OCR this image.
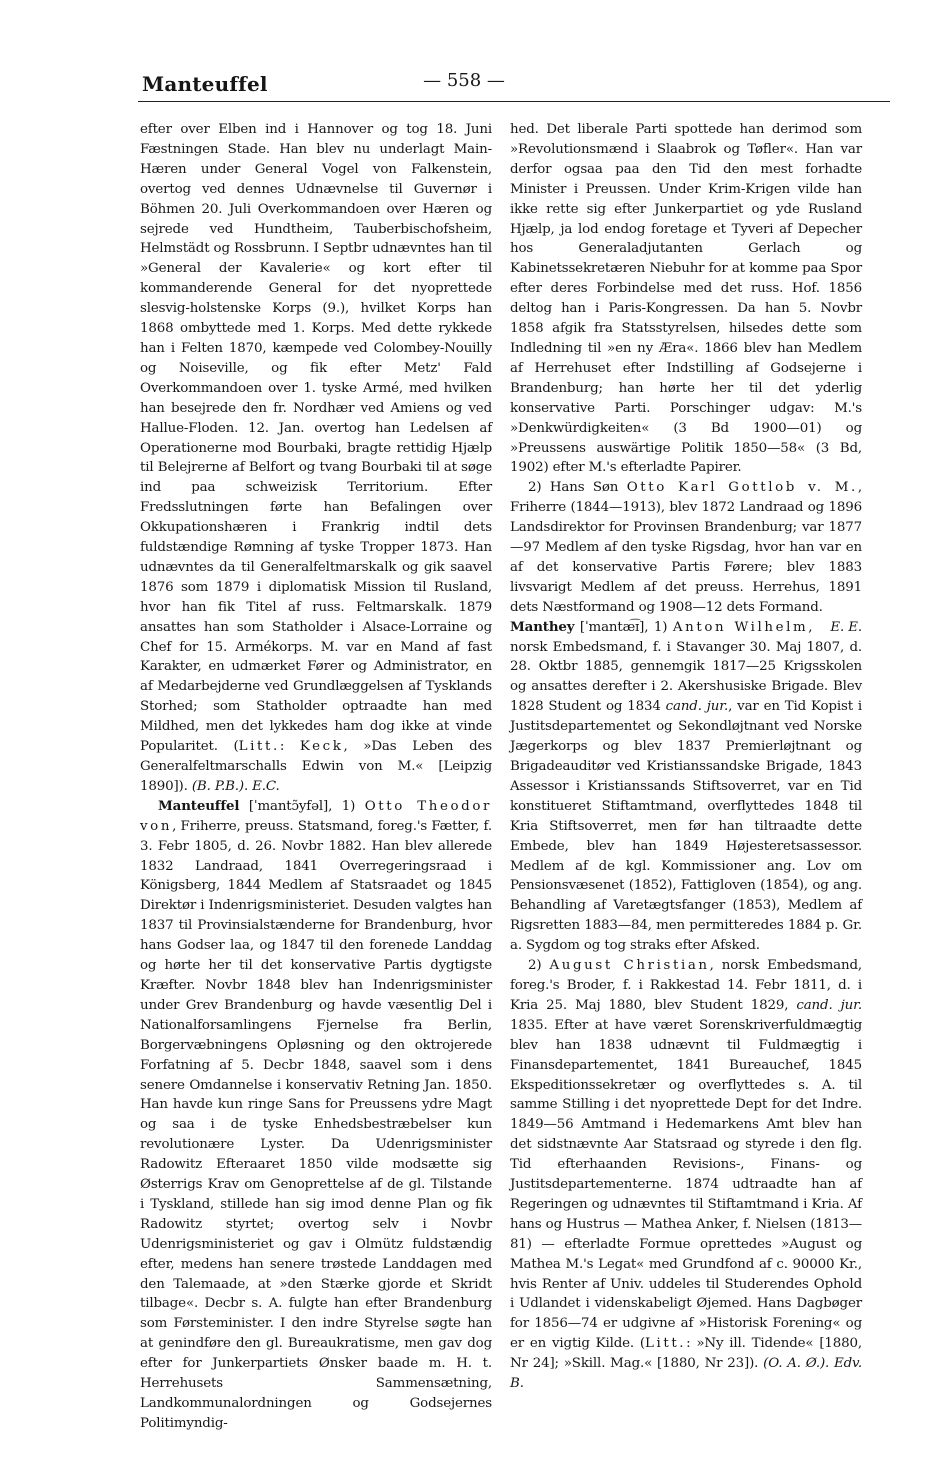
Manteuffel	— 558 —

efter over Elben ind i Hannover og tog 18. Juni Fæstningen Stade. Han blev nu underlagt Main-Hæren under General Vogel von Falkenstein, overtog ved dennes Udnævnelse til Guvernør i Böhmen 20. Juli Overkommandoen over Hæren og sejrede ved Hundtheim, Tauberbischofsheim, Helmstädt og Rossbrunn. I Septbr udnævntes han til »General der Kavalerie« og kort efter til kommanderende General for det nyoprettede slesvig-holstenske Korps (9.), hvilket Korps han 1868 ombyttede med 1. Korps. Med dette rykkede han i Felten 1870, kæmpede ved Colombey-Nouilly og Noiseville, og fik efter Metz' Fald Overkommandoen over 1. tyske Armé, med hvilken han besejrede den fr. Nordhær ved Amiens og ved Hallue-Floden. 12. Jan. overtog han Ledelsen af Operationerne mod Bourbaki, bragte rettidig Hjælp til Belejrerne af Belfort og tvang Bourbaki til at søge ind paa schweizisk Territorium. Efter Fredsslutningen førte han Befalingen over Okkupationshæren i Frankrig indtil dets fuldstændige Rømning af tyske Tropper 1873. Han udnævntes da til Generalfeltmarskalk og gik saavel 1876 som 1879 i diplomatisk Mission til Rusland, hvor han fik Titel af russ. Feltmarskalk. 1879 ansattes han som Statholder i Alsace-Lorraine og Chef for 15. Armékorps. M. var en Mand af fast Karakter, en udmærket Fører og Administrator, en af Medarbejderne ved Grundlæggelsen af Tysklands Storhed; som Statholder optraadte han med Mildhed, men det lykkedes ham dog ikke at vinde Popularitet. (Litt.: Keck, »Das Leben des Generalfeltmarschalls Edwin von M.« [Leipzig 1890]). (B. P.B.). E.C.

Manteuffel [ˈmantɔ̃yfəl], 1) Otto Theodor von, Friherre, preuss. Statsmand, foreg.'s Fætter, f. 3. Febr 1805, d. 26. Novbr 1882. Han blev allerede 1832 Landraad, 1841 Overregeringsraad i Königsberg, 1844 Medlem af Statsraadet og 1845 Direktør i Indenrigsministeriet. Desuden valgtes han 1837 til Provinsialstænderne for Brandenburg, hvor hans Godser laa, og 1847 til den forenede Landdag og hørte her til det konservative Partis dygtigste Kræfter. Novbr 1848 blev han Indenrigsminister under Grev Brandenburg og havde væsentlig Del i Nationalforsamlingens Fjernelse fra Berlin, Borgervæbningens Opløsning og den oktrojerede Forfatning af 5. Decbr 1848, saavel som i dens senere Omdannelse i konservativ Retning Jan. 1850. Han havde kun ringe Sans for Preussens ydre Magt og saa i de tyske Enhedsbestræbelser kun revolutionære Lyster. Da Udenrigsminister Radowitz Efteraaret 1850 vilde modsætte sig Østerrigs Krav om Genoprettelse af de gl. Tilstande i Tyskland, stillede han sig imod denne Plan og fik Radowitz styrtet; overtog selv i Novbr Udenrigsministeriet og gav i Olmütz fuldstændig efter, medens han senere trøstede Landdagen med den Talemaade, at »den Stærke gjorde et Skridt tilbage«. Decbr s. A. fulgte han efter Brandenburg som Førsteminister. I den indre Styrelse søgte han at genindføre den gl. Bureaukratisme, men gav dog efter for Junkerpartiets Ønsker baade m. H. t. Herrehusets Sammensætning, Landkommunalordningen og Godsejernes Politimyndig-

hed. Det liberale Parti spottede han derimod som »Revolutionsmænd i Slaabrok og Tøfler«. Han var derfor ogsaa paa den Tid den mest forhadte Minister i Preussen. Under Krim-Krigen vilde han ikke rette sig efter Junkerpartiet og yde Rusland Hjælp, ja lod endog foretage et Tyveri af Depecher hos Generaladjutanten Gerlach og Kabinetssekretæren Niebuhr for at komme paa Spor efter deres Forbindelse med det russ. Hof. 1856 deltog han i Paris-Kongressen. Da han 5. Novbr 1858 afgik fra Statsstyrelsen, hilsedes dette som Indledning til »en ny Æra«. 1866 blev han Medlem af Herrehuset efter Indstilling af Godsejerne i Brandenburg; han hørte her til det yderlig konservative Parti. Porschinger udgav: M.'s »Denkwürdigkeiten« (3 Bd 1900—01) og »Preussens auswärtige Politik 1850—58« (3 Bd, 1902) efter M.'s efterladte Papirer.

2) Hans Søn Otto Karl Gottlob v. M., Friherre (1844—1913), blev 1872 Landraad og 1896 Landsdirektor for Provinsen Brandenburg; var 1877—97 Medlem af den tyske Rigsdag, hvor han var en af det konservative Partis Førere; blev 1883 livsvarigt Medlem af det preuss. Herrehus, 1891 dets Næstformand og 1908—12 dets Formand.
E. E.

Manthey [ˈmantæ͡ɪ], 1) Anton Wilhelm, norsk Embedsmand, f. i Stavanger 30. Maj 1807, d. 28. Oktbr 1885, gennemgik 1817—25 Krigsskolen og ansattes derefter i 2. Akershusiske Brigade. Blev 1828 Student og 1834 cand. jur., var en Tid Kopist i Justitsdepartementet og Sekondløjtnant ved Norske Jægerkorps og blev 1837 Premierløjtnant og Brigadeauditør ved Kristianssandske Brigade, 1843 Assessor i Kristianssands Stiftsoverret, var en Tid konstitueret Stiftamtmand, overflyttedes 1848 til Kria Stiftsoverret, men før han tiltraadte dette Embede, blev han 1849 Højesteretsassessor. Medlem af de kgl. Kommissioner ang. Lov om Pensionsvæsenet (1852), Fattigloven (1854), og ang. Behandling af Varetægtsfanger (1853), Medlem af Rigsretten 1883—84, men permitteredes 1884 p. Gr. a. Sygdom og tog straks efter Afsked.

2) August Christian, norsk Embedsmand, foreg.'s Broder, f. i Rakkestad 14. Febr 1811, d. i Kria 25. Maj 1880, blev Student 1829, cand. jur. 1835. Efter at have været Sorenskriverfuldmægtig blev han 1838 udnævnt til Fuldmægtig i Finansdepartementet, 1841 Bureauchef, 1845 Ekspeditionssekretær og overflyttedes s. A. til samme Stilling i det nyoprettede Dept for det Indre. 1849—56 Amtmand i Hedemarkens Amt blev han det sidstnævnte Aar Statsraad og styrede i den flg. Tid efterhaanden Revisions-, Finans- og Justitsdepartementerne. 1874 udtraadte han af Regeringen og udnævntes til Stiftamtmand i Kria. Af hans og Hustrus — Mathea Anker, f. Nielsen (1813—81) — efterladte Formue oprettedes »August og Mathea M.'s Legat« med Grundfond af c. 90000 Kr., hvis Renter af Univ. uddeles til Studerendes Ophold i Udlandet i videnskabeligt Øjemed. Hans Dagbøger for 1856—74 er udgivne af »Historisk Forening« og er en vigtig Kilde. (Litt.: »Ny ill. Tidende« [1880, Nr 24]; »Skill. Mag.« [1880, Nr 23]). (O. A. Ø.). Edv. B.
